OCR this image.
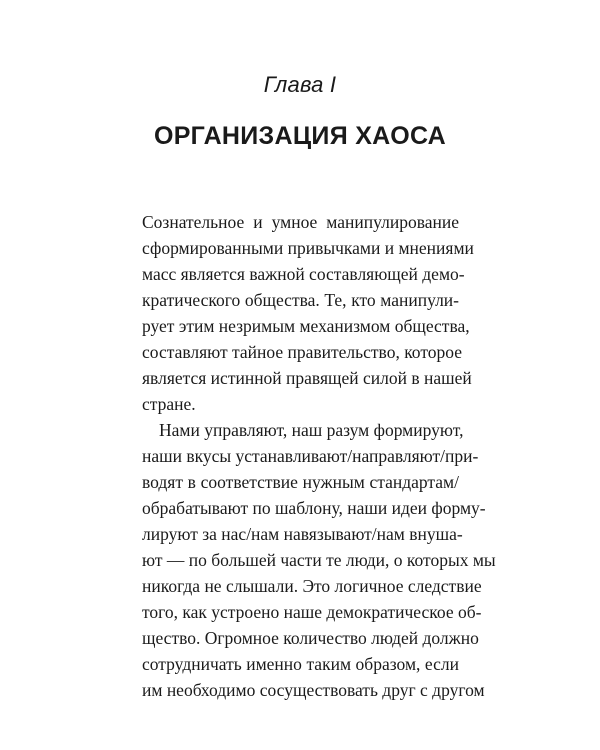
Глава I
ОРГАНИЗАЦИЯ ХАОСА
Сознательное и умное манипулирование
сформированными привычками и мнениями
масс является важной составляющей демо-
кратического общества. Те, кто манипули-
рует этим незримым механизмом общества,
составляют тайное правительство, которое
является истинной правящей силой в нашей
стране.
Нами управляют, наш разум формируют,
наши вкусы устанавливают/направляют/при-
водят в соответствие нужным стандартам/
обрабатывают по шаблону, наши идеи форму-
лируют за нас/нам навязывают/нам внуша-
ют — по большей части те люди, о которых мы
никогда не слышали. Это логичное следствие
того, как устроено наше демократическое об-
щество. Огромное количество людей должно
сотрудничать именно таким образом, если
им необходимо сосуществовать друг с другом
